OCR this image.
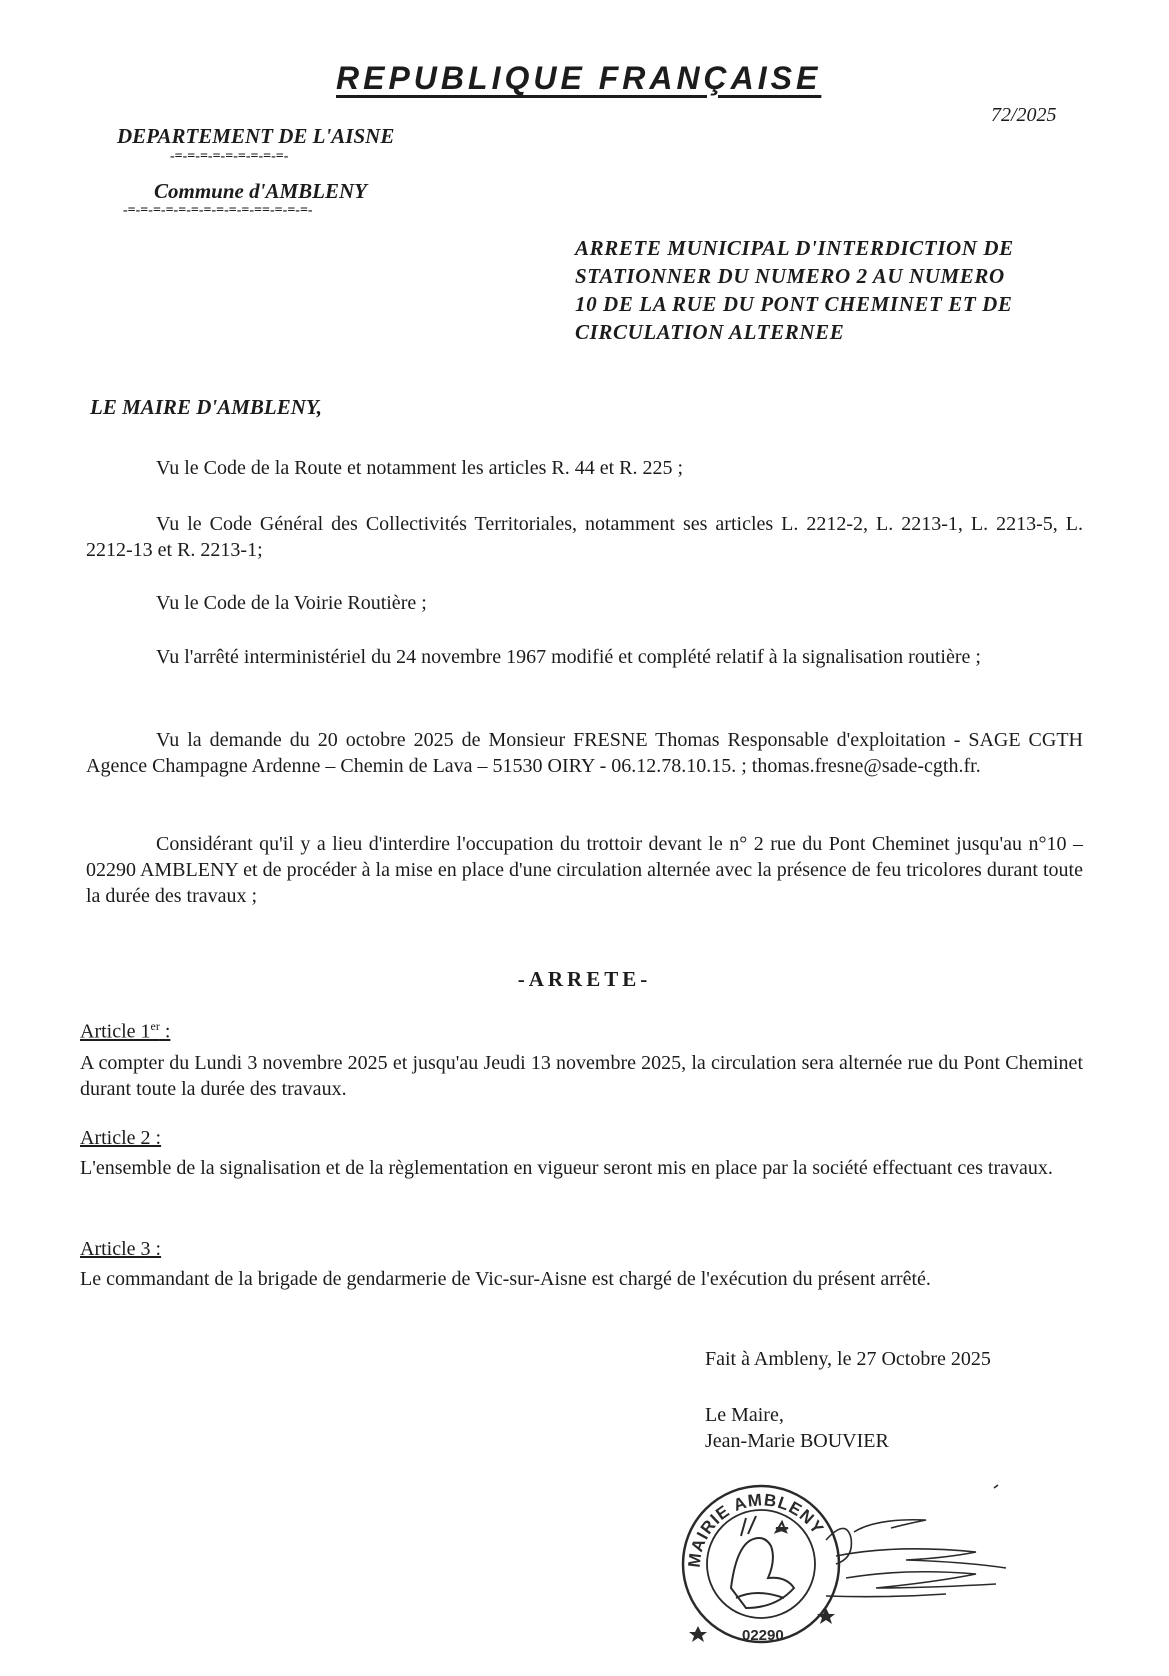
REPUBLIQUE FRANÇAISE
72/2025
DEPARTEMENT DE L'AISNE
-=-=-=-=-=-=-=-=-=-
Commune d'AMBLENY
-=-=-=-=-=-=-=-=-=-=-==-=-=-=-
ARRETE MUNICIPAL D'INTERDICTION DE
STATIONNER DU NUMERO 2 AU NUMERO
10 DE LA RUE DU PONT CHEMINET ET DE
CIRCULATION ALTERNEE
LE MAIRE D'AMBLENY,
Vu le Code de la Route et notamment les articles R. 44 et R. 225 ;
Vu le Code Général des Collectivités Territoriales, notamment ses articles L. 2212-2, L. 2213-1, L. 2213-5, L. 2212-13 et R. 2213-1;
Vu le Code de la Voirie Routière ;
Vu l'arrêté interministériel du 24 novembre 1967 modifié et complété relatif à la signalisation routière ;
Vu la demande du 20 octobre 2025 de Monsieur FRESNE Thomas Responsable d'exploitation - SAGE CGTH Agence Champagne Ardenne – Chemin de Lava – 51530 OIRY - 06.12.78.10.15. ; thomas.fresne@sade-cgth.fr.
Considérant qu'il y a lieu d'interdire l'occupation du trottoir devant le n° 2 rue du Pont Cheminet jusqu'au n°10 – 02290 AMBLENY et de procéder à la mise en place d'une circulation alternée avec la présence de feu tricolores durant toute la durée des travaux ;
-ARRETE-
Article 1er :
A compter du Lundi 3 novembre 2025 et jusqu'au Jeudi 13 novembre 2025, la circulation sera alternée rue du Pont Cheminet durant toute la durée des travaux.
Article 2 :
L'ensemble de la signalisation et de la règlementation en vigueur seront mis en place par la société effectuant ces travaux.
Article 3 :
Le commandant de la brigade de gendarmerie de Vic-sur-Aisne est chargé de l'exécution du présent arrêté.
Fait à Ambleny, le 27 Octobre 2025
Le Maire,
Jean-Marie BOUVIER
MAIRIE AMBLENY
02290
